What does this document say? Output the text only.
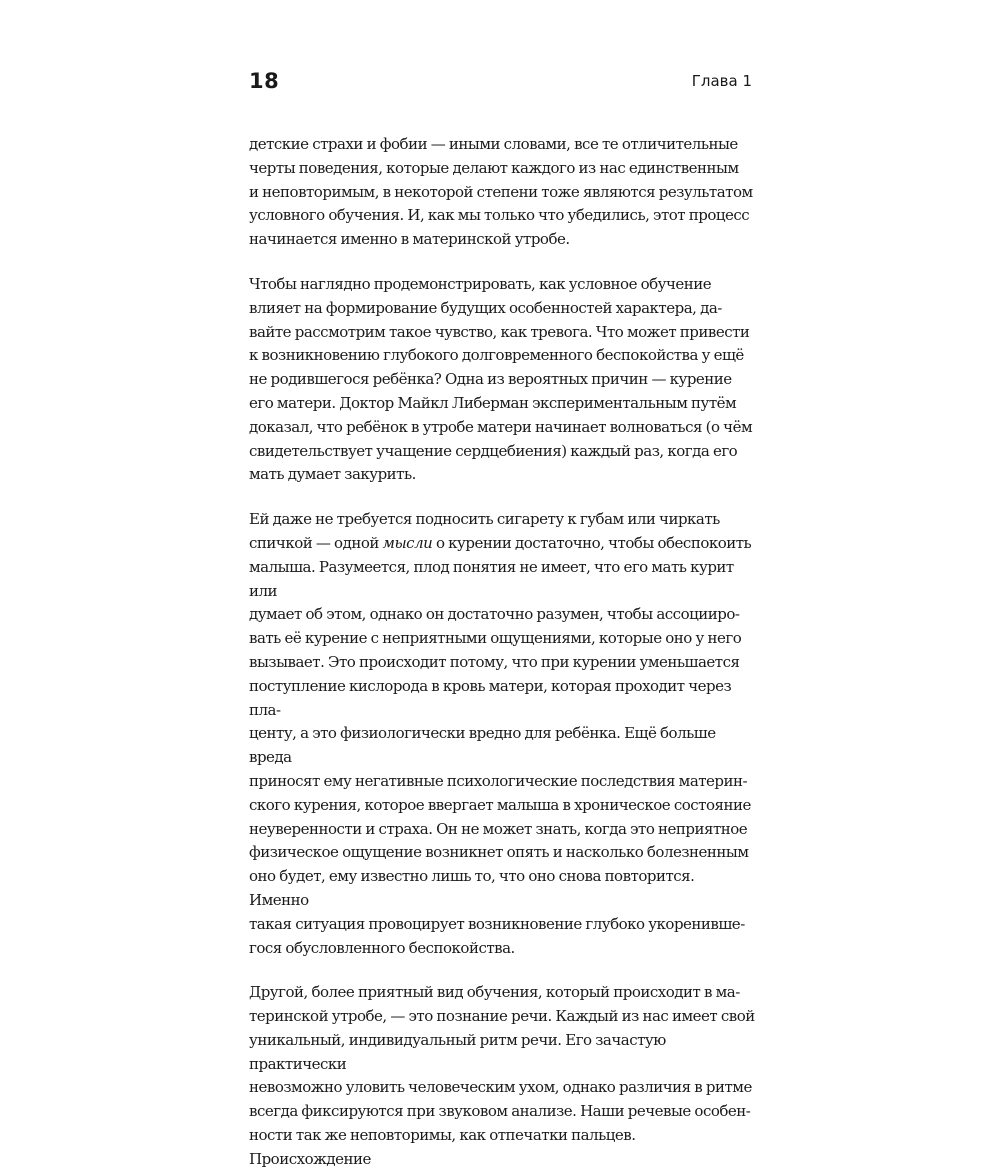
18	Глава 1

детские страхи и фобии — иными словами, все те отличительные
черты поведения, которые делают каждого из нас единственным
и неповторимым, в некоторой степени тоже являются результатом
условного обучения. И, как мы только что убедились, этот процесс
начинается именно в материнской утробе.

Чтобы наглядно продемонстрировать, как условное обучение
влияет на формирование будущих особенностей характера, да-
вайте рассмотрим такое чувство, как тревога. Что может привести
к возникновению глубокого долговременного беспокойства у ещё
не родившегося ребёнка? Одна из вероятных причин — курение
его матери. Доктор Майкл Либерман экспериментальным путём
доказал, что ребёнок в утробе матери начинает волноваться (о чём
свидетельствует учащение сердцебиения) каждый раз, когда его
мать думает закурить.

Ей даже не требуется подносить сигарету к губам или чиркать
спичкой — одной мысли о курении достаточно, чтобы обеспокоить
малыша. Разумеется, плод понятия не имеет, что его мать курит или
думает об этом, однако он достаточно разумен, чтобы ассоцииро-
вать её курение с неприятными ощущениями, которые оно у него
вызывает. Это происходит потому, что при курении уменьшается
поступление кислорода в кровь матери, которая проходит через пла-
центу, а это физиологически вредно для ребёнка. Ещё больше вреда
приносят ему негативные психологические последствия материн-
ского курения, которое ввергает малыша в хроническое состояние
неуверенности и страха. Он не может знать, когда это неприятное
физическое ощущение возникнет опять и насколько болезненным
оно будет, ему известно лишь то, что оно снова повторится. Именно
такая ситуация провоцирует возникновение глубоко укоренивше-
гося обусловленного беспокойства.

Другой, более приятный вид обучения, который происходит в ма-
теринской утробе, — это познание речи. Каждый из нас имеет свой
уникальный, индивидуальный ритм речи. Его зачастую практически
невозможно уловить человеческим ухом, однако различия в ритме
всегда фиксируются при звуковом анализе. Наши речевые особен-
ности так же неповторимы, как отпечатки пальцев. Происхождение
